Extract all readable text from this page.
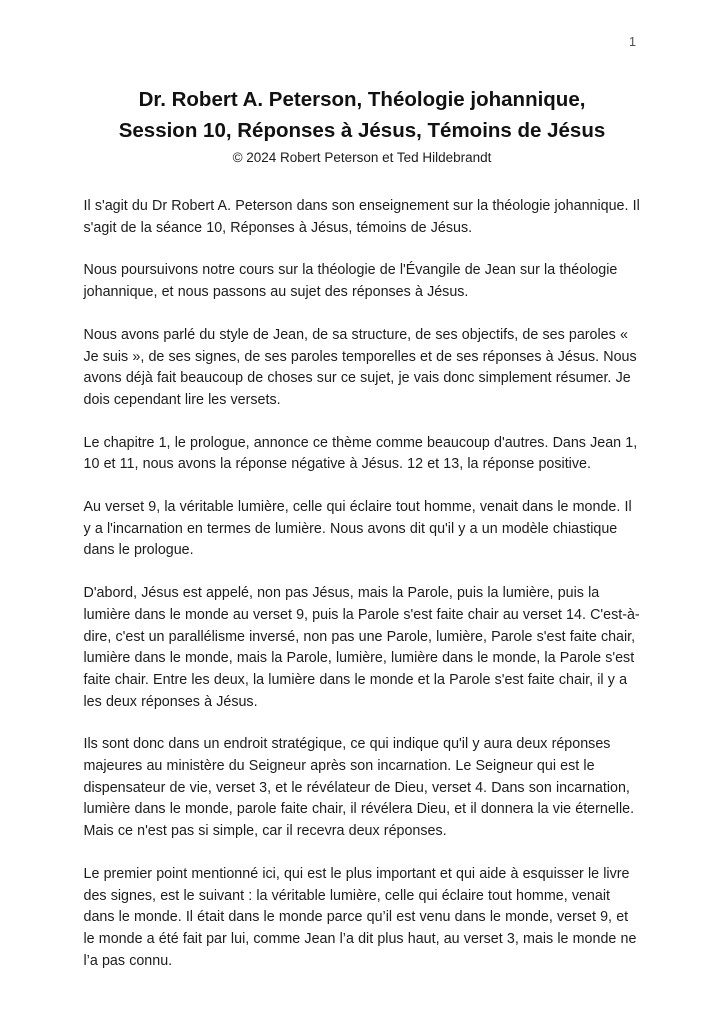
1
Dr. Robert A. Peterson, Théologie johannique,
Session 10, Réponses à Jésus, Témoins de Jésus
© 2024 Robert Peterson et Ted Hildebrandt

Il s'agit du Dr Robert A. Peterson dans son enseignement sur la théologie johannique. Il s'agit de la séance 10, Réponses à Jésus, témoins de Jésus.

Nous poursuivons notre cours sur la théologie de l'Évangile de Jean sur la théologie johannique, et nous passons au sujet des réponses à Jésus.

Nous avons parlé du style de Jean, de sa structure, de ses objectifs, de ses paroles « Je suis », de ses signes, de ses paroles temporelles et de ses réponses à Jésus. Nous avons déjà fait beaucoup de choses sur ce sujet, je vais donc simplement résumer. Je dois cependant lire les versets.

Le chapitre 1, le prologue, annonce ce thème comme beaucoup d'autres. Dans Jean 1, 10 et 11, nous avons la réponse négative à Jésus. 12 et 13, la réponse positive.

Au verset 9, la véritable lumière, celle qui éclaire tout homme, venait dans le monde. Il y a l'incarnation en termes de lumière. Nous avons dit qu'il y a un modèle chiastique dans le prologue.

D'abord, Jésus est appelé, non pas Jésus, mais la Parole, puis la lumière, puis la lumière dans le monde au verset 9, puis la Parole s'est faite chair au verset 14. C'est-à-dire, c'est un parallélisme inversé, non pas une Parole, lumière, Parole s'est faite chair, lumière dans le monde, mais la Parole, lumière, lumière dans le monde, la Parole s'est faite chair. Entre les deux, la lumière dans le monde et la Parole s'est faite chair, il y a les deux réponses à Jésus.

Ils sont donc dans un endroit stratégique, ce qui indique qu'il y aura deux réponses majeures au ministère du Seigneur après son incarnation. Le Seigneur qui est le dispensateur de vie, verset 3, et le révélateur de Dieu, verset 4. Dans son incarnation, lumière dans le monde, parole faite chair, il révélera Dieu, et il donnera la vie éternelle. Mais ce n'est pas si simple, car il recevra deux réponses.

Le premier point mentionné ici, qui est le plus important et qui aide à esquisser le livre des signes, est le suivant : la véritable lumière, celle qui éclaire tout homme, venait dans le monde. Il était dans le monde parce qu’il est venu dans le monde, verset 9, et le monde a été fait par lui, comme Jean l’a dit plus haut, au verset 3, mais le monde ne l’a pas connu.
